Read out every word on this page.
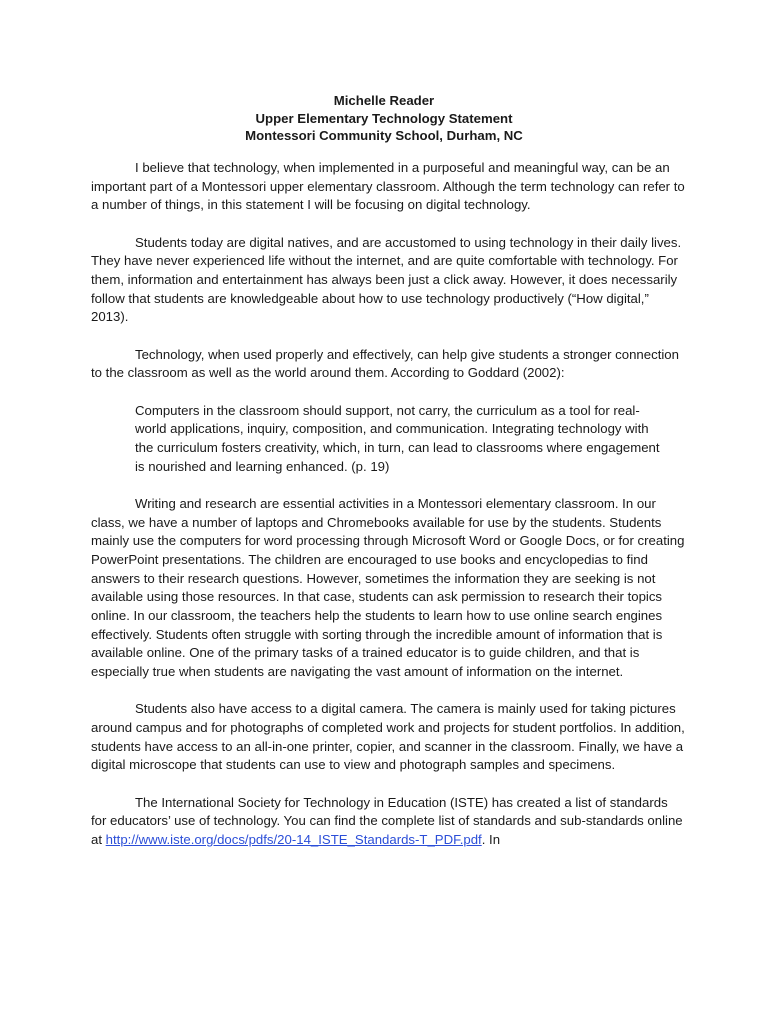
Michelle Reader
Upper Elementary Technology Statement
Montessori Community School, Durham, NC

I believe that technology, when implemented in a purposeful and meaningful way, can be an important part of a Montessori upper elementary classroom. Although the term technology can refer to a number of things, in this statement I will be focusing on digital technology.

Students today are digital natives, and are accustomed to using technology in their daily lives. They have never experienced life without the internet, and are quite comfortable with technology. For them, information and entertainment has always been just a click away. However, it does necessarily follow that students are knowledgeable about how to use technology productively (“How digital,” 2013).

Technology, when used properly and effectively, can help give students a stronger connection to the classroom as well as the world around them. According to Goddard (2002):

Computers in the classroom should support, not carry, the curriculum as a tool for real-world applications, inquiry, composition, and communication. Integrating technology with the curriculum fosters creativity, which, in turn, can lead to classrooms where engagement is nourished and learning enhanced. (p. 19)

Writing and research are essential activities in a Montessori elementary classroom. In our class, we have a number of laptops and Chromebooks available for use by the students. Students mainly use the computers for word processing through Microsoft Word or Google Docs, or for creating PowerPoint presentations. The children are encouraged to use books and encyclopedias to find answers to their research questions. However, sometimes the information they are seeking is not available using those resources. In that case, students can ask permission to research their topics online. In our classroom, the teachers help the students to learn how to use online search engines effectively. Students often struggle with sorting through the incredible amount of information that is available online. One of the primary tasks of a trained educator is to guide children, and that is especially true when students are navigating the vast amount of information on the internet.

Students also have access to a digital camera. The camera is mainly used for taking pictures around campus and for photographs of completed work and projects for student portfolios. In addition, students have access to an all-in-one printer, copier, and scanner in the classroom. Finally, we have a digital microscope that students can use to view and photograph samples and specimens.

The International Society for Technology in Education (ISTE) has created a list of standards for educators’ use of technology. You can find the complete list of standards and sub-standards online at http://www.iste.org/docs/pdfs/20-14_ISTE_Standards-T_PDF.pdf. In
